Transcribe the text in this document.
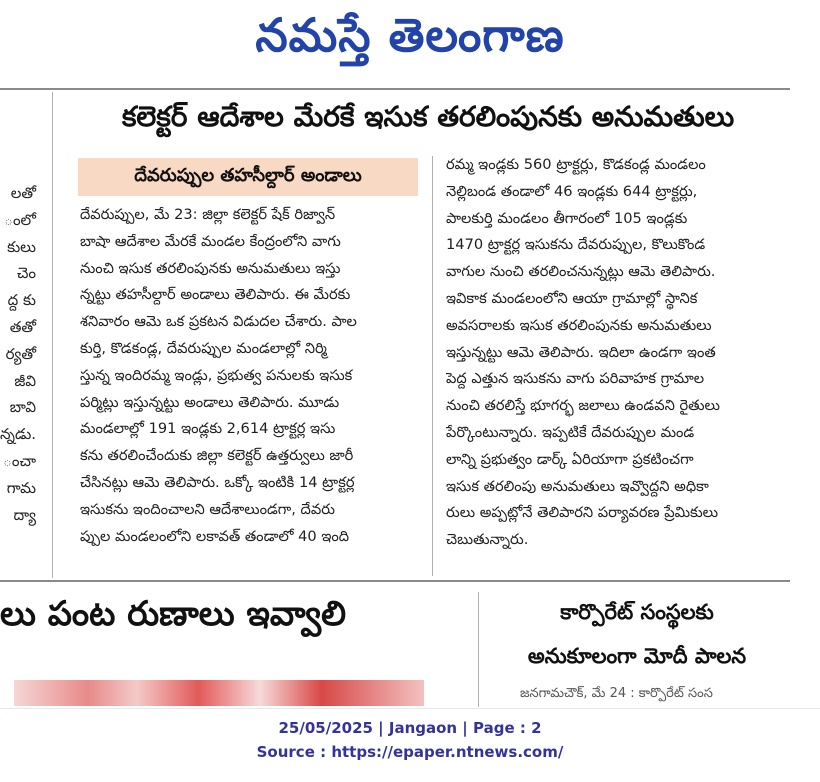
నమస్తే తెలంగాణ
లతో
ంలో
కులు
చెం
ద్ద కు
తతో
ర్యతో
జీవి
బావి
న్నడు.
ంచా
గామ
ద్యా
కలెక్టర్ ఆదేశాల మేరకే ఇసుక తరలింపునకు అనుమతులు
దేవరుప్పుల తహసీల్దార్ అండాలు
దేవరుప్పుల, మే 23: జిల్లా కలెక్టర్ షేక్ రిజ్వాన్
బాషా ఆదేశాల మేరకే మండల కేంద్రంలోని వాగు
నుంచి ఇసుక తరలింపునకు అనుమతులు ఇస్తు
న్నట్టు తహసీల్దార్ అండాలు తెలిపారు. ఈ మేరకు
శనివారం ఆమె ఒక ప్రకటన విడుదల చేశారు. పాల
కుర్తి, కొడకండ్ల, దేవరుప్పుల మండలాల్లో నిర్మి
స్తున్న ఇందిరమ్మ ఇండ్లు, ప్రభుత్వ పనులకు ఇసుక
పర్మిట్లు ఇస్తున్నట్టు అండాలు తెలిపారు. మూడు
మండలాల్లో 191 ఇండ్లకు 2,614 ట్రాక్టర్ల ఇసు
కను తరలించేందుకు జిల్లా కలెక్టర్ ఉత్తర్వులు జారీ
చేసినట్లు ఆమె తెలిపారు. ఒక్కో ఇంటికి 14 ట్రాక్టర్ల
ఇసుకను ఇందించాలని ఆదేశాలుండగా, దేవరు
ప్పుల మండలంలోని లకావత్ తండాలో 40 ఇంది
రమ్మ ఇండ్లకు 560 ట్రాక్టర్లు, కొడకండ్ల మండలం
నెల్లిబండ తండాలో 46 ఇండ్లకు 644 ట్రాక్టర్లు,
పాలకుర్తి మండలం తీగారంలో 105 ఇండ్లకు
1470 ట్రాక్టర్ల ఇసుకను దేవరుప్పుల, కొలుకొండ
వాగుల నుంచి తరలించనున్నట్లు ఆమె తెలిపారు.
ఇవికాక మండలంలోని ఆయా గ్రామాల్లో స్థానిక
అవసరాలకు ఇసుక తరలింపునకు అనుమతులు
ఇస్తున్నట్టు ఆమె తెలిపారు. ఇదిలా ఉండగా ఇంత
పెద్ద ఎత్తున ఇసుకను వాగు పరివాహక గ్రామాల
నుంచి తరలిస్తే భూగర్భ జలాలు ఉండవని రైతులు
పేర్కొంటున్నారు. ఇప్పటికే దేవరుప్పుల మండ
లాన్ని ప్రభుత్వం డార్క్ ఏరియాగా ప్రకటించగా
ఇసుక తరలింపు అనుమతులు ఇవ్వొద్దని అధికా
రులు అప్పట్లోనే తెలిపారని పర్యావరణ ప్రేమికులు
చెబుతున్నారు.
లు పంట రుణాలు ఇవ్వాలి	కార్పొరేట్ సంస్థలకు
అనుకూలంగా మోదీ పాలన
జనగామచౌక్, మే 24 : కార్పొరేట్ సంస
25/05/2025 | Jangaon | Page : 2
Source : https://epaper.ntnews.com/
